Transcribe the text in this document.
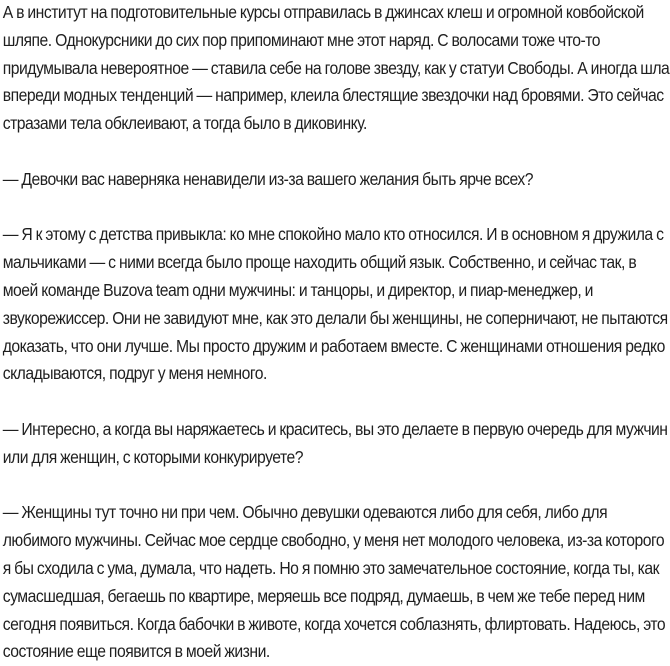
А в институт на подготовительные курсы отправилась в джинсах клеш и огромной ковбойской шляпе. Однокурсники до сих пор припоминают мне этот наряд. С волосами тоже что-то придумывала невероятное — ставила себе на голове звезду, как у статуи Свободы. А иногда шла впереди модных тенденций — например, клеила блестящие звездочки над бровями. Это сейчас стразами тела обклеивают, а тогда было в диковинку.

— Девочки вас наверняка ненавидели из-за вашего желания быть ярче всех?

— Я к этому с детства привыкла: ко мне спокойно мало кто относился. И в основном я дружила с мальчиками — с ними всегда было проще находить общий язык. Собственно, и сейчас так, в моей команде Buzova team одни мужчины: и танцоры, и директор, и пиар-менеджер, и звукорежиссер. Они не завидуют мне, как это делали бы женщины, не соперничают, не пытаются доказать, что они лучше. Мы просто дружим и работаем вместе. С женщинами отношения редко складываются, подруг у меня немного.

— Интересно, а когда вы наряжаетесь и краситесь, вы это делаете в первую очередь для мужчин или для женщин, с которыми конкурируете?

— Женщины тут точно ни при чем. Обычно девушки одеваются либо для себя, либо для любимого мужчины. Сейчас мое сердце свободно, у меня нет молодого человека, из-за которого я бы сходила с ума, думала, что надеть. Но я помню это замечательное состояние, когда ты, как сумасшедшая, бегаешь по квартире, меряешь все подряд, думаешь, в чем же тебе перед ним сегодня появиться. Когда бабочки в животе, когда хочется соблазнять, флиртовать. Надеюсь, это состояние еще появится в моей жизни.
